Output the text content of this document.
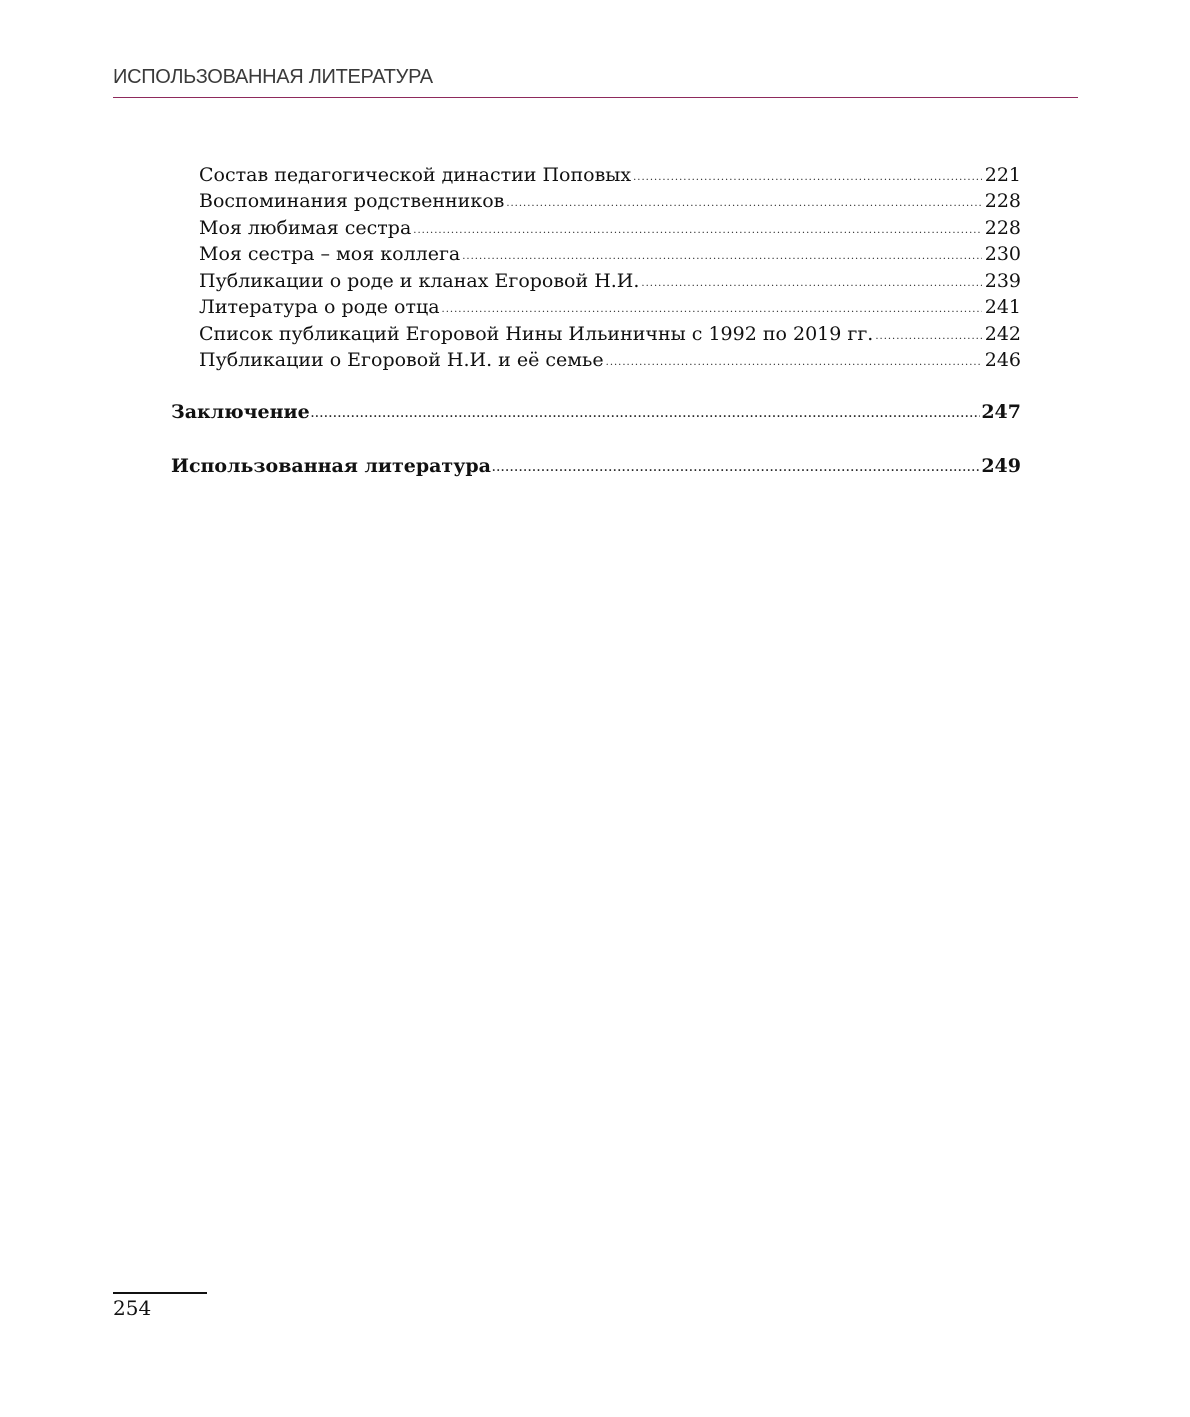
ИСПОЛЬЗОВАННАЯ ЛИТЕРАТУРА
Состав педагогической династии Поповых .....	221
Воспоминания родственников .....	228
Моя любимая сестра .....	228
Моя сестра – моя коллега .....	230
Публикации о роде и кланах Егоровой Н.И. .....	239
Литература о роде отца .....	241
Список публикаций Егоровой Нины Ильиничны с 1992 по 2019 гг. .....	242
Публикации о Егоровой Н.И. и её семье .....	246
Заключение .....	247
Использованная литература .....	249
254
